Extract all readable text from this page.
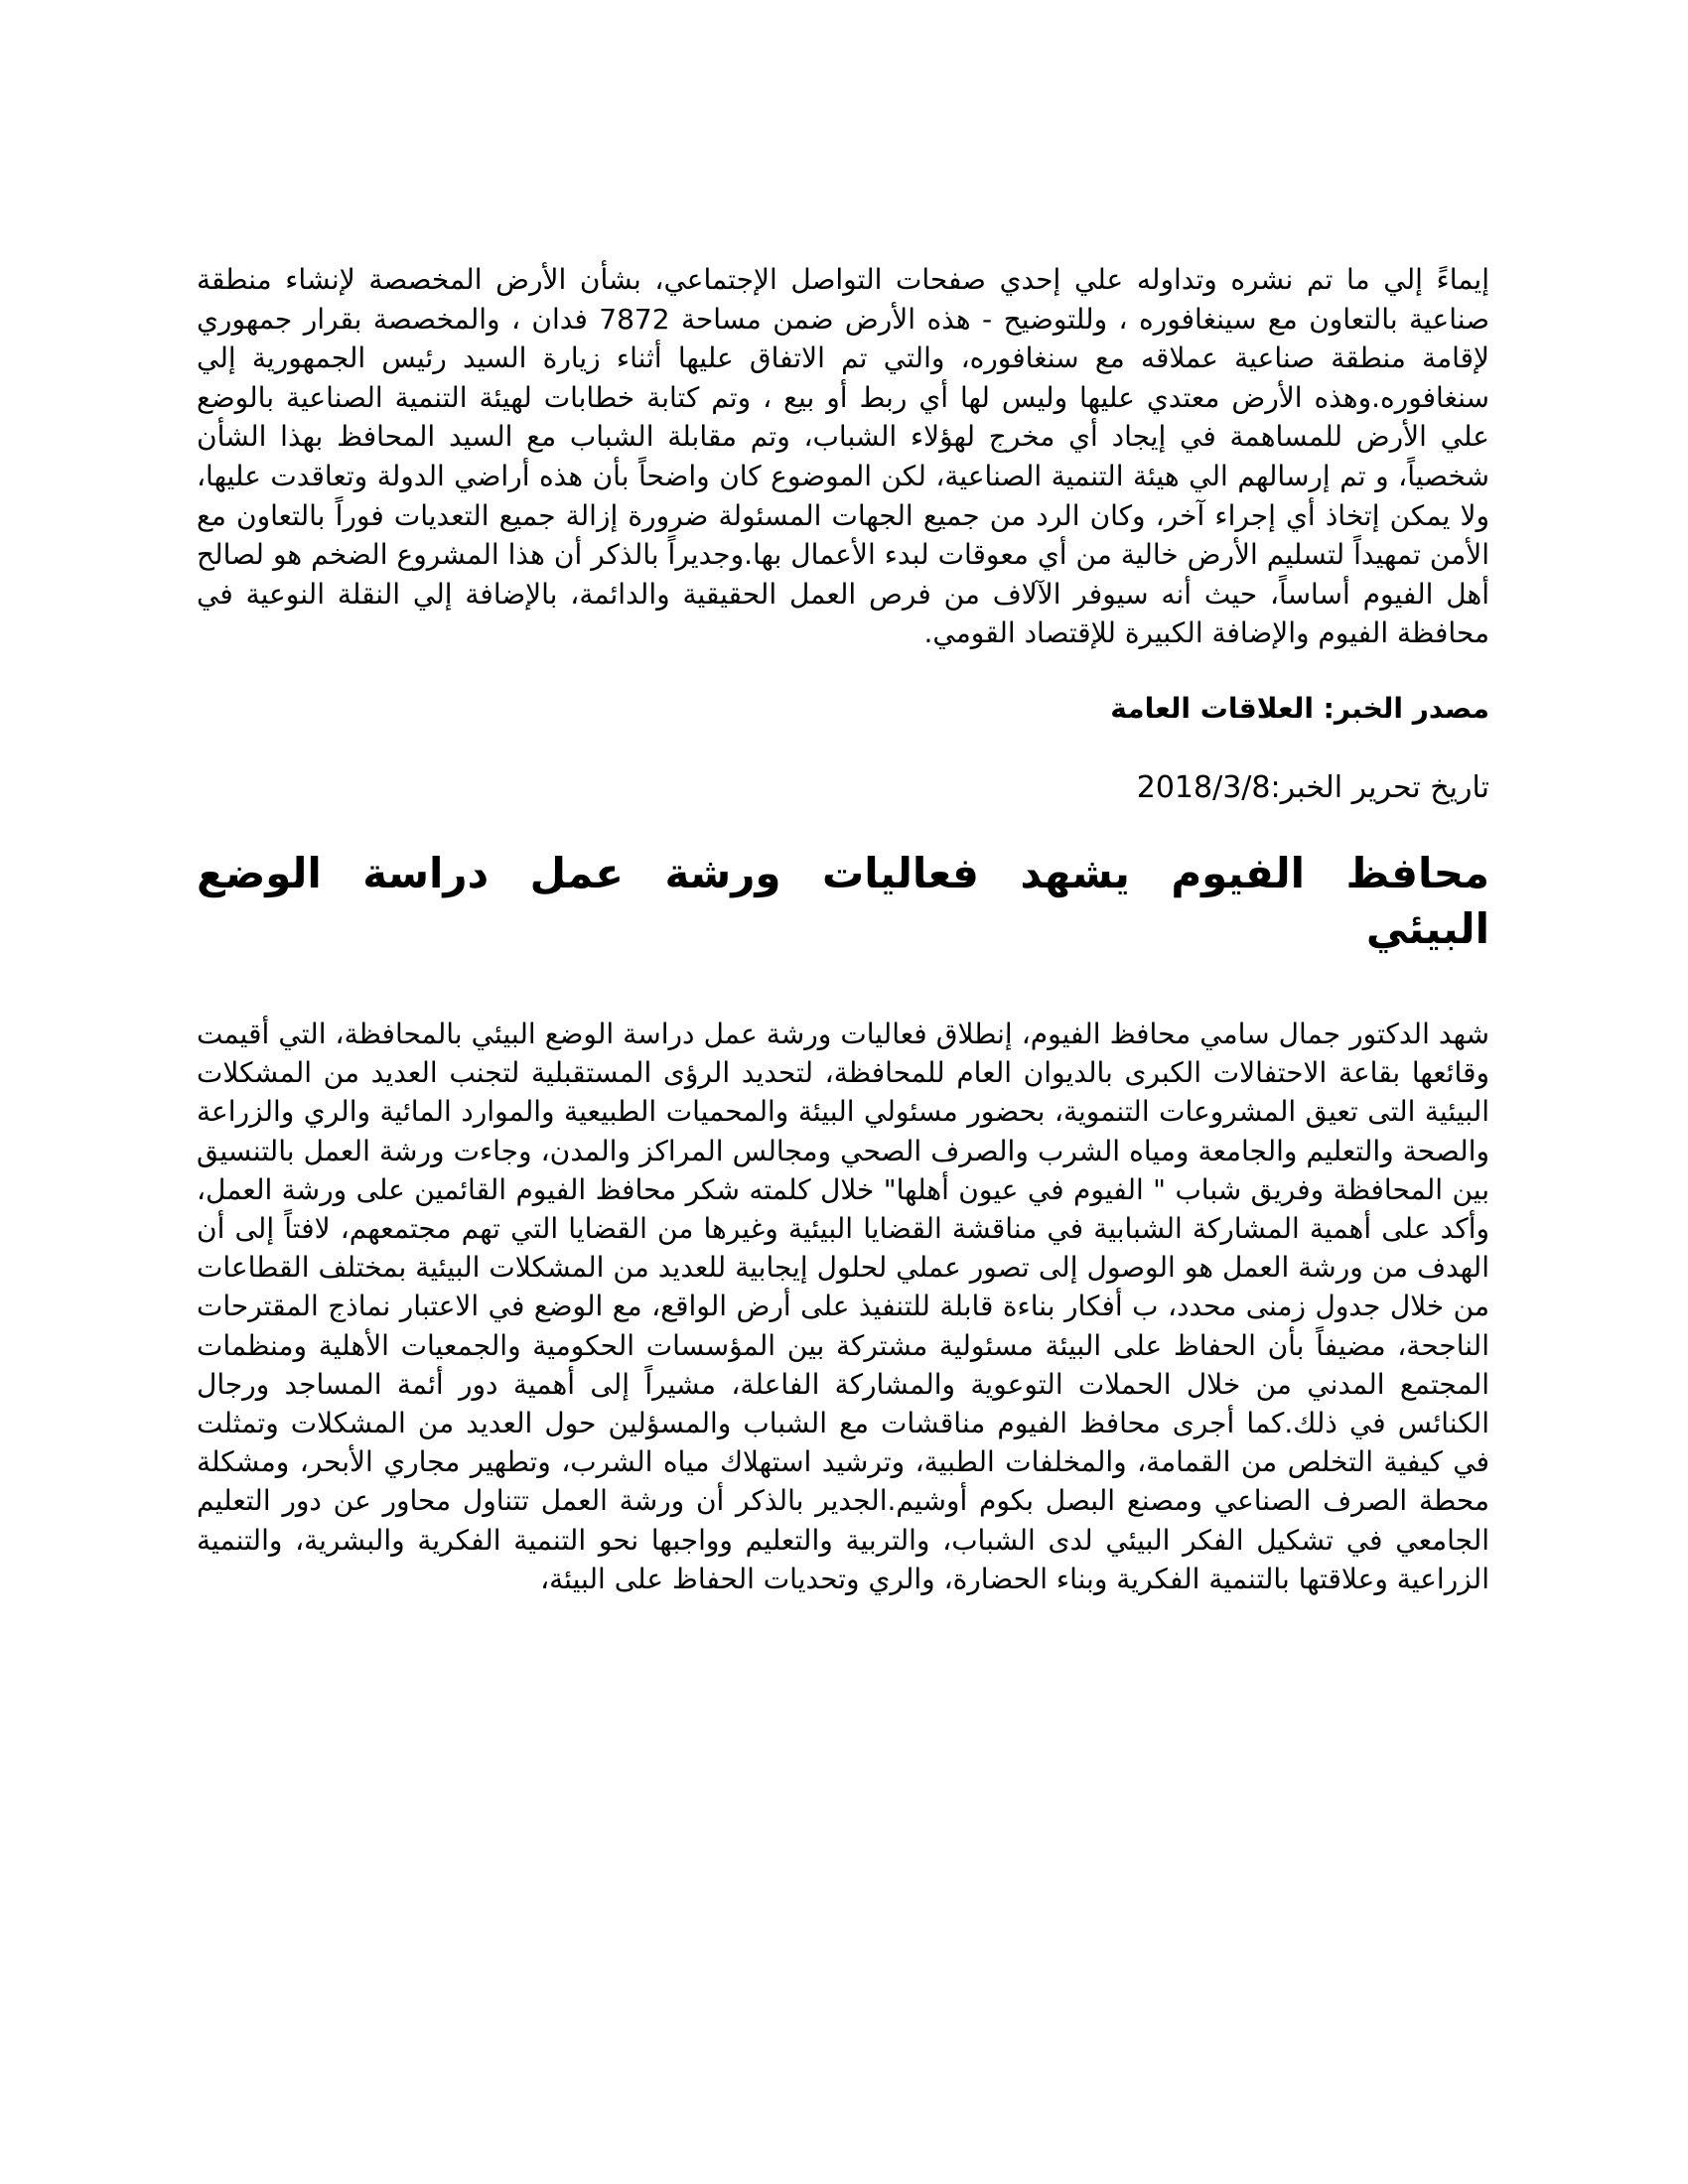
إيماءً إلي ما تم نشره وتداوله علي إحدي صفحات التواصل الإجتماعي، بشأن الأرض المخصصة لإنشاء منطقة صناعية بالتعاون مع سينغافوره ، وللتوضيح - هذه الأرض ضمن مساحة 7872 فدان ، والمخصصة بقرار جمهوري لإقامة منطقة صناعية عملاقه مع سنغافوره، والتي تم الاتفاق عليها أثناء زيارة السيد رئيس الجمهورية إلي سنغافوره.وهذه الأرض معتدي عليها وليس لها أي ربط أو بيع ، وتم كتابة خطابات لهيئة التنمية الصناعية بالوضع علي الأرض للمساهمة في إيجاد أي مخرج لهؤلاء الشباب، وتم مقابلة الشباب مع السيد المحافظ بهذا الشأن شخصياً، و تم إرسالهم الي هيئة التنمية الصناعية، لكن الموضوع كان واضحاً بأن هذه أراضي الدولة وتعاقدت عليها، ولا يمكن إتخاذ أي إجراء آخر، وكان الرد من جميع الجهات المسئولة ضرورة إزالة جميع التعديات فوراً بالتعاون مع الأمن تمهيداً لتسليم الأرض خالية من أي معوقات لبدء الأعمال بها.وجديراً بالذكر أن هذا المشروع الضخم هو لصالح أهل الفيوم أساساً، حيث أنه سيوفر الآلاف من فرص العمل الحقيقية والدائمة، بالإضافة إلي النقلة النوعية في محافظة الفيوم والإضافة الكبيرة للإقتصاد القومي.

مصدر الخبر: العلاقات العامة

تاريخ تحرير الخبر:2018/3/8

محافظ الفيوم يشهد فعاليات ورشة عمل دراسة الوضع البيئي

شهد الدكتور جمال سامي محافظ الفيوم، إنطلاق فعاليات ورشة عمل دراسة الوضع البيئي بالمحافظة، التي أقيمت وقائعها بقاعة الاحتفالات الكبرى بالديوان العام للمحافظة، لتحديد الرؤى المستقبلية لتجنب العديد من المشكلات البيئية التى تعيق المشروعات التنموية، بحضور مسئولي البيئة والمحميات الطبيعية والموارد المائية والري والزراعة والصحة والتعليم والجامعة ومياه الشرب والصرف الصحي ومجالس المراكز والمدن، وجاءت ورشة العمل بالتنسيق بين المحافظة وفريق شباب " الفيوم في عيون أهلها" خلال كلمته شكر محافظ الفيوم القائمين على ورشة العمل، وأكد على أهمية المشاركة الشبابية في مناقشة القضايا البيئية وغيرها من القضايا التي تهم مجتمعهم، لافتاً إلى أن الهدف من ورشة العمل هو الوصول إلى تصور عملي لحلول إيجابية للعديد من المشكلات البيئية بمختلف القطاعات من خلال جدول زمنى محدد، ب أفكار بناءة قابلة للتنفيذ على أرض الواقع، مع الوضع في الاعتبار نماذج المقترحات الناجحة، مضيفاً بأن الحفاظ على البيئة مسئولية مشتركة بين المؤسسات الحكومية والجمعيات الأهلية ومنظمات المجتمع المدني من خلال الحملات التوعوية والمشاركة الفاعلة، مشيراً إلى أهمية دور أئمة المساجد ورجال الكنائس في ذلك.كما أجرى محافظ الفيوم مناقشات مع الشباب والمسؤلين حول العديد من المشكلات وتمثلت في كيفية التخلص من القمامة، والمخلفات الطبية، وترشيد استهلاك مياه الشرب، وتطهير مجاري الأبحر، ومشكلة محطة الصرف الصناعي ومصنع البصل بكوم أوشيم.الجدير بالذكر أن ورشة العمل تتناول محاور عن دور التعليم الجامعي في تشكيل الفكر البيئي لدى الشباب، والتربية والتعليم وواجبها نحو التنمية الفكرية والبشرية، والتنمية الزراعية وعلاقتها بالتنمية الفكرية وبناء الحضارة، والري وتحديات الحفاظ على البيئة،
